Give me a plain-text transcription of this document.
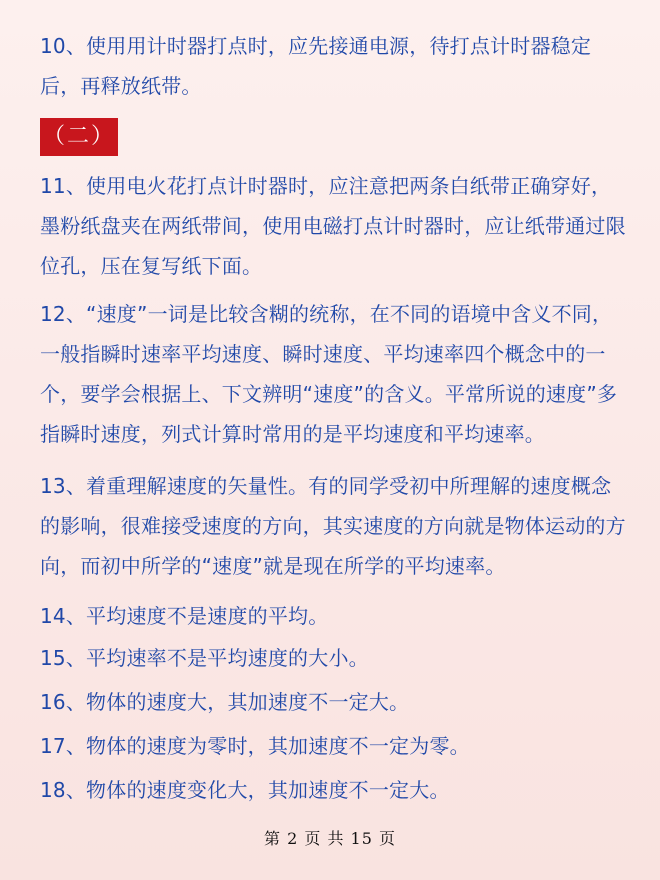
10、使用用计时器打点时，应先接通电源，待打点计时器稳定后，再释放纸带。

（二）

11、使用电火花打点计时器时，应注意把两条白纸带正确穿好，墨粉纸盘夹在两纸带间，使用电磁打点计时器时，应让纸带通过限位孔，压在复写纸下面。

12、“速度”一词是比较含糊的统称，在不同的语境中含义不同，一般指瞬时速率平均速度、瞬时速度、平均速率四个概念中的一个，要学会根据上、下文辨明“速度”的含义。平常所说的速度”多指瞬时速度，列式计算时常用的是平均速度和平均速率。

13、着重理解速度的矢量性。有的同学受初中所理解的速度概念的影响，很难接受速度的方向，其实速度的方向就是物体运动的方向，而初中所学的“速度”就是现在所学的平均速率。

14、平均速度不是速度的平均。

15、平均速率不是平均速度的大小。

16、物体的速度大，其加速度不一定大。

17、物体的速度为零时，其加速度不一定为零。

18、物体的速度变化大，其加速度不一定大。

第 2 页 共 15 页
